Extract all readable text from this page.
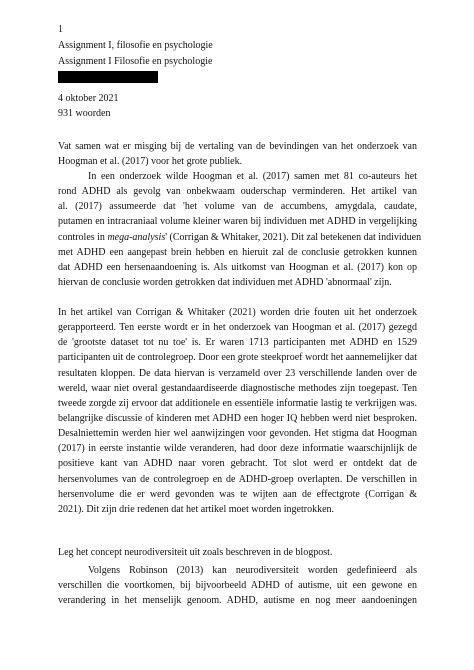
1
Assignment I, filosofie en psychologie
Assignment I Filosofie en psychologie
4 oktober 2021
931 woorden
Vat samen wat er misging bij de vertaling van de bevindingen van het onderzoek van
Hoogman et al. (2017) voor het grote publiek.
In een onderzoek wilde Hoogman et al. (2017) samen met 81 co-auteurs het
rond ADHD als gevolg van onbekwaam ouderschap verminderen. Het artikel van
al. (2017) assumeerde dat 'het volume van de accumbens, amygdala, caudate,
putamen en intracraniaal volume kleiner waren bij individuen met ADHD in vergelijking
controles in mega-analysis' (Corrigan & Whitaker, 2021). Dit zal betekenen dat individuen
met ADHD een aangepast brein hebben en hieruit zal de conclusie getrokken kunnen
dat ADHD een hersenaandoening is. Als uitkomst van Hoogman et al. (2017) kon op
hiervan de conclusie worden getrokken dat individuen met ADHD 'abnormaal' zijn.
In het artikel van Corrigan & Whitaker (2021) worden drie fouten uit het onderzoek
gerapporteerd. Ten eerste wordt er in het onderzoek van Hoogman et al. (2017) gezegd
de 'grootste dataset tot nu toe' is. Er waren 1713 participanten met ADHD en 1529
participanten uit de controlegroep. Door een grote steekproef wordt het aannemelijker dat
resultaten kloppen. De data hiervan is verzameld over 23 verschillende landen over de
wereld, waar niet overal gestandaardiseerde diagnostische methodes zijn toegepast. Ten
tweede zorgde zij ervoor dat additionele en essentiële informatie lastig te verkrijgen was.
belangrijke discussie of kinderen met ADHD een hoger IQ hebben werd niet besproken.
Desalniettemin werden hier wel aanwijzingen voor gevonden. Het stigma dat Hoogman
(2017) in eerste instantie wilde veranderen, had door deze informatie waarschijnlijk de
positieve kant van ADHD naar voren gebracht. Tot slot werd er ontdekt dat de
hersenvolumes van de controlegroep en de ADHD-groep overlapten. De verschillen in
hersenvolume die er werd gevonden was te wijten aan de effectgrote (Corrigan &
2021). Dit zijn drie redenen dat het artikel moet worden ingetrokken.
Leg het concept neurodiversiteit uit zoals beschreven in de blogpost.
Volgens Robinson (2013) kan neurodiversiteit worden gedefinieerd als
verschillen die voortkomen, bij bijvoorbeeld ADHD of autisme, uit een gewone en
verandering in het menselijk genoom. ADHD, autisme en nog meer aandoeningen
